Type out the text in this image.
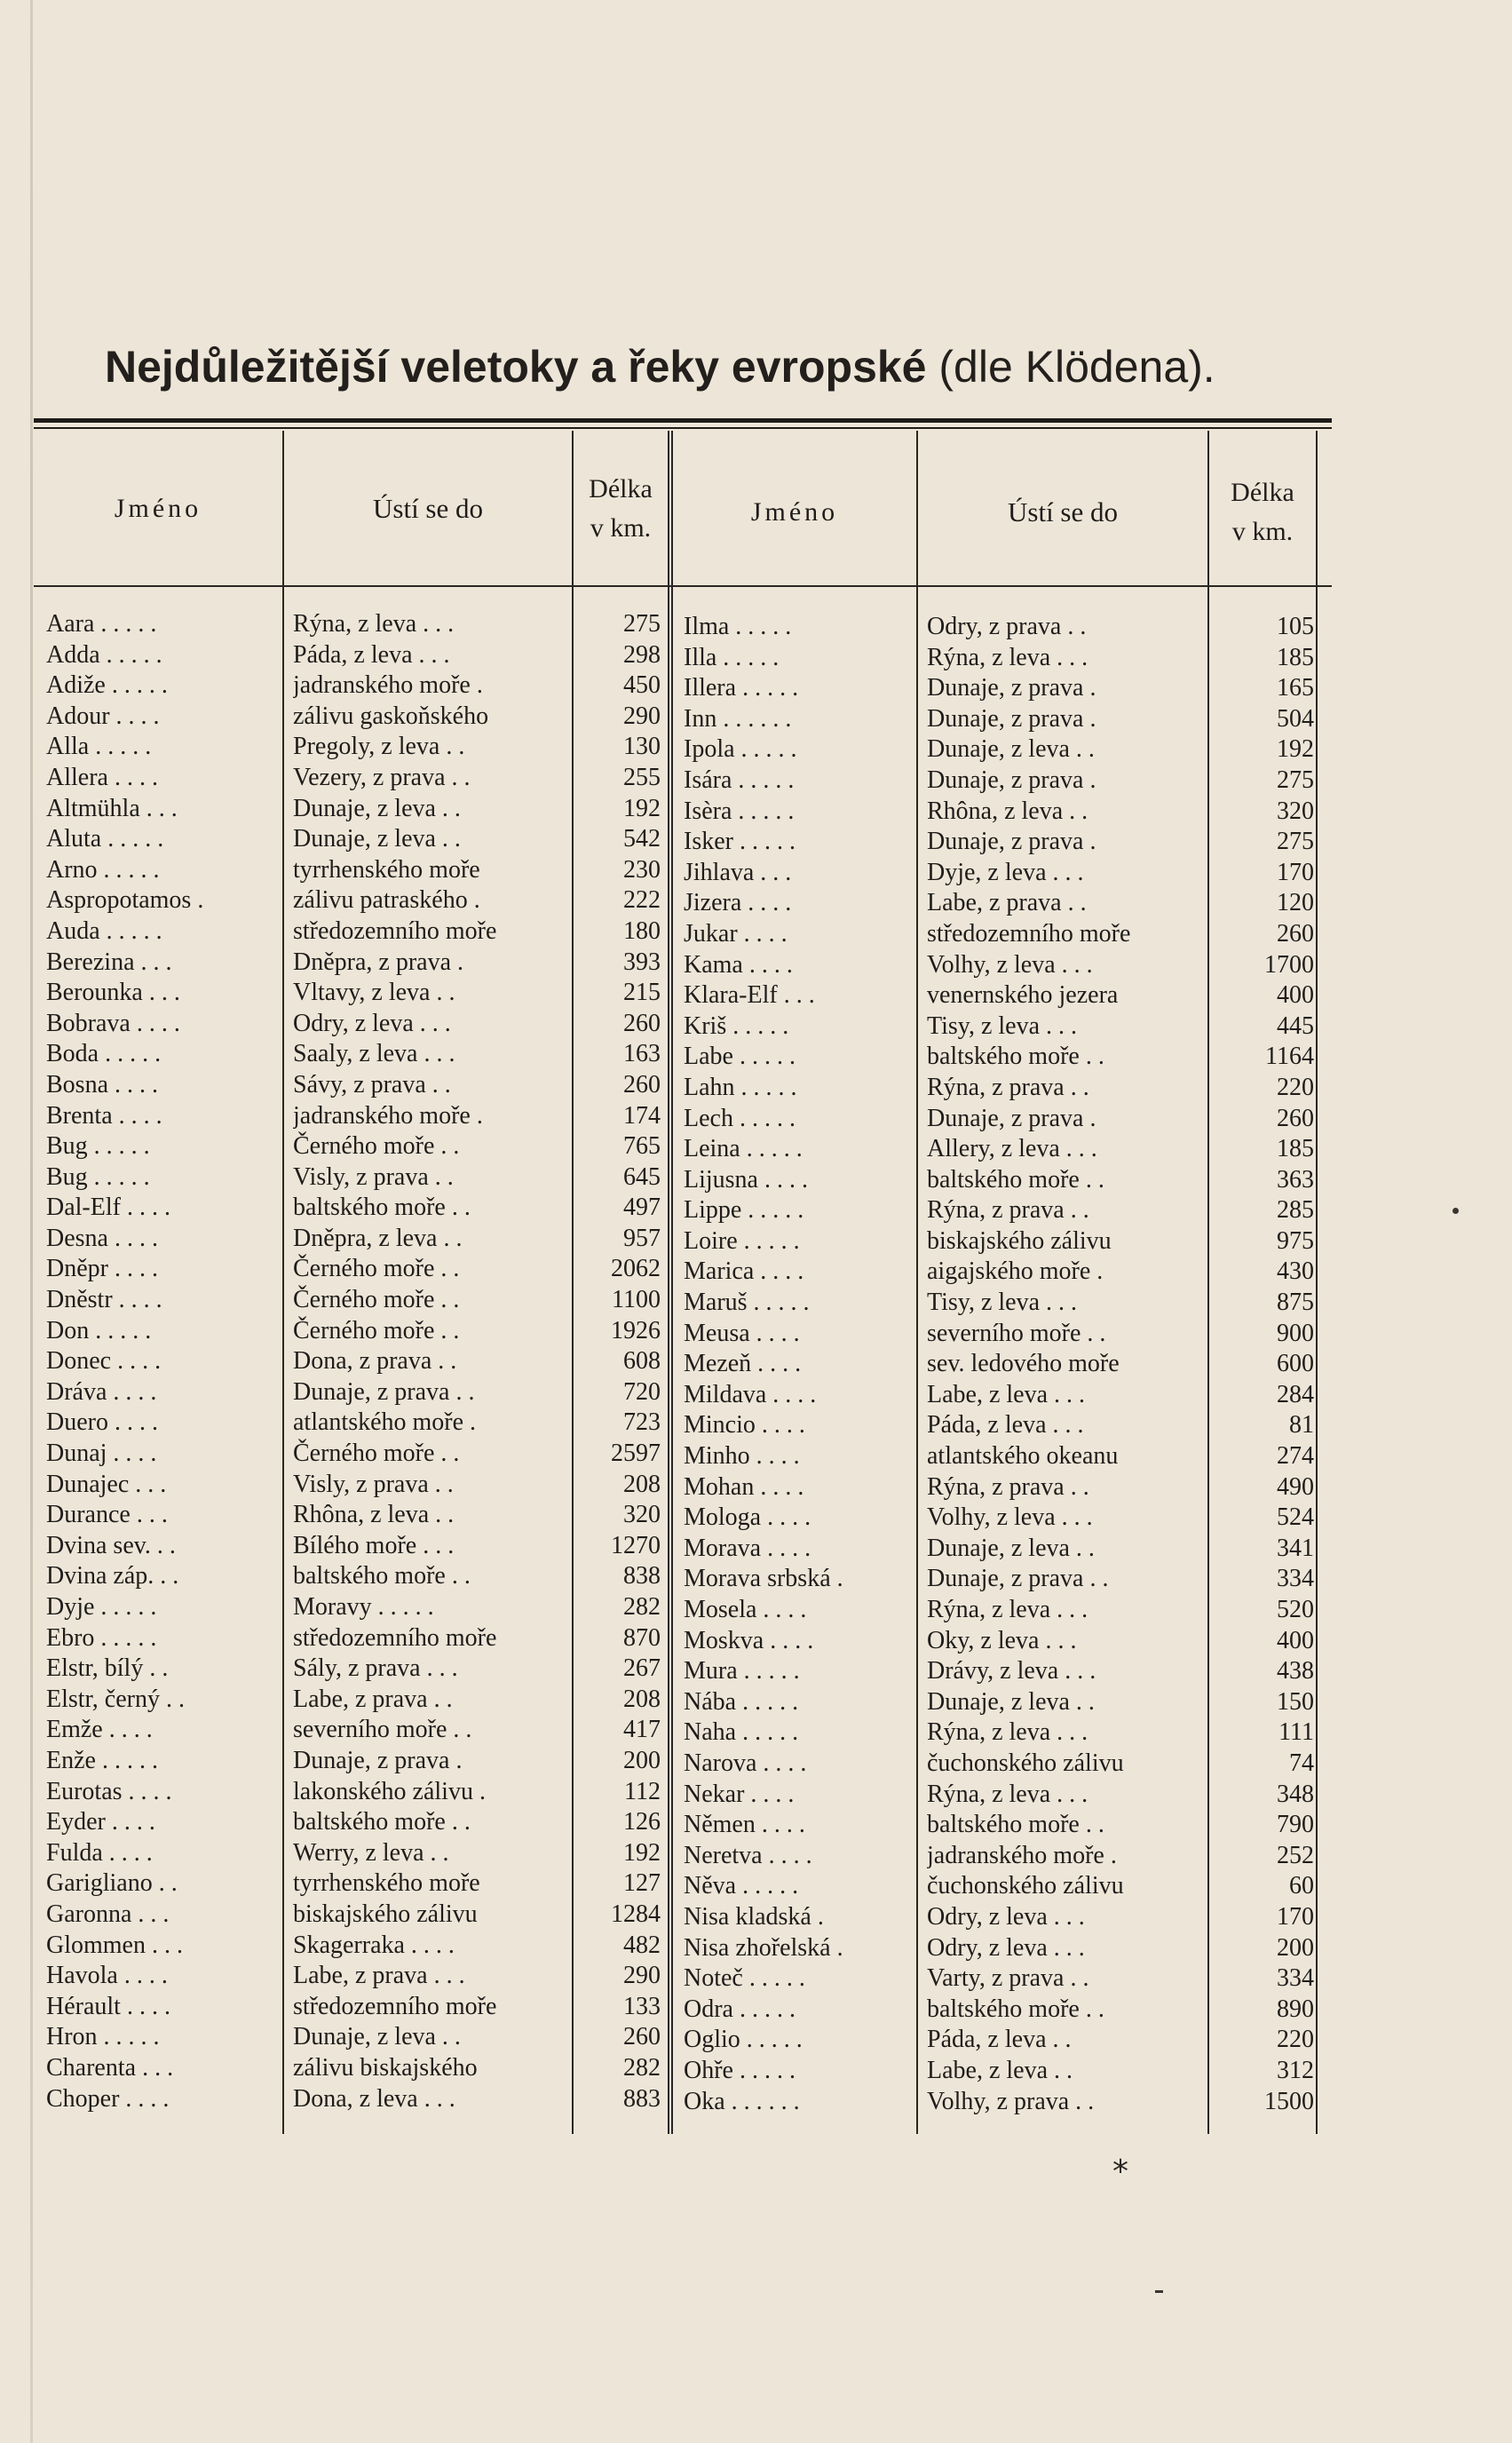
Nejdůležitější veletoky a řeky evropské (dle Klödena).
Jméno	Ústí se do
Délka
v km.
Jméno	Ústí se do
Délka
v km.
Aara . . . . .
Adda . . . . .
Adiže . . . . .
Adour . . . .
Alla . . . . .
Allera . . . .
Altmühla . . .
Aluta . . . . .
Arno . . . . .
Aspropotamos .
Auda . . . . .
Berezina . . .
Berounka . . .
Bobrava . . . .
Boda . . . . .
Bosna . . . .
Brenta . . . .
Bug . . . . .
Bug . . . . .
Dal-Elf . . . .
Desna . . . .
Dněpr . . . .
Dněstr . . . .
Don . . . . .
Donec . . . .
Dráva . . . .
Duero . . . .
Dunaj . . . .
Dunajec . . .
Durance . . .
Dvina sev. . .
Dvina záp. . .
Dyje . . . . .
Ebro . . . . .
Elstr, bílý . .
Elstr, černý . .
Emže . . . .
Enže . . . . .
Eurotas . . . .
Eyder . . . .
Fulda . . . .
Garigliano . .
Garonna . . .
Glommen . . .
Havola . . . .
Hérault . . . .
Hron . . . . .
Charenta . . .
Choper . . . .
Rýna, z leva . . .
Páda, z leva . . .
jadranského moře .
zálivu gaskoňského
Pregoly, z leva . .
Vezery, z prava . .
Dunaje, z leva . .
Dunaje, z leva . .
tyrrhenského moře
zálivu patraského .
středozemního moře
Dněpra, z prava .
Vltavy, z leva . .
Odry, z leva . . .
Saaly, z leva . . .
Sávy, z prava . .
jadranského moře .
Černého moře . .
Visly, z prava . .
baltského moře . .
Dněpra, z leva . .
Černého moře . .
Černého moře . .
Černého moře . .
Dona, z prava . .
Dunaje, z prava . .
atlantského moře .
Černého moře . .
Visly, z prava . .
Rhôna, z leva . .
Bílého moře . . .
baltského moře . .
Moravy . . . . .
středozemního moře
Sály, z prava . . .
Labe, z prava . .
severního moře . .
Dunaje, z prava .
lakonského zálivu .
baltského moře . .
Werry, z leva . .
tyrrhenského moře
biskajského zálivu
Skagerraka . . . .
Labe, z prava . . .
středozemního moře
Dunaje, z leva . .
zálivu biskajského
Dona, z leva . . .
275
298
450
290
130
255
192
542
230
222
180
393
215
260
163
260
174
765
645
497
957
2062
1100
1926
608
720
723
2597
208
320
1270
838
282
870
267
208
417
200
112
126
192
127
1284
482
290
133
260
282
883
Ilma . . . . .
Illa . . . . .
Illera . . . . .
Inn . . . . . .
Ipola . . . . .
Isára . . . . .
Isèra . . . . .
Isker . . . . .
Jihlava . . .
Jizera . . . .
Jukar . . . .
Kama . . . .
Klara-Elf . . .
Kriš . . . . .
Labe . . . . .
Lahn . . . . .
Lech . . . . .
Leina . . . . .
Lijusna . . . .
Lippe . . . . .
Loire . . . . .
Marica . . . .
Maruš . . . . .
Meusa . . . .
Mezeň . . . .
Mildava . . . .
Mincio . . . .
Minho . . . .
Mohan . . . .
Mologa . . . .
Morava . . . .
Morava srbská .
Mosela . . . .
Moskva . . . .
Mura . . . . .
Nába . . . . .
Naha . . . . .
Narova . . . .
Nekar . . . .
Němen . . . .
Neretva . . . .
Něva . . . . .
Nisa kladská .
Nisa zhořelská .
Noteč . . . . .
Odra . . . . .
Oglio . . . . .
Ohře . . . . .
Oka . . . . . .
Odry, z prava . .
Rýna, z leva . . .
Dunaje, z prava .
Dunaje, z prava .
Dunaje, z leva . .
Dunaje, z prava .
Rhôna, z leva . .
Dunaje, z prava .
Dyje, z leva . . .
Labe, z prava . .
středozemního moře
Volhy, z leva . . .
venernského jezera
Tisy, z leva . . .
baltského moře . .
Rýna, z prava . .
Dunaje, z prava .
Allery, z leva . . .
baltského moře . .
Rýna, z prava . .
biskajského zálivu
aigajského moře .
Tisy, z leva . . .
severního moře . .
sev. ledového moře
Labe, z leva . . .
Páda, z leva . . .
atlantského okeanu
Rýna, z prava . .
Volhy, z leva . . .
Dunaje, z leva . .
Dunaje, z prava . .
Rýna, z leva . . .
Oky, z leva . . .
Drávy, z leva . . .
Dunaje, z leva . .
Rýna, z leva . . .
čuchonského zálivu
Rýna, z leva . . .
baltského moře . .
jadranského moře .
čuchonského zálivu
Odry, z leva . . .
Odry, z leva . . .
Varty, z prava . .
baltského moře . .
Páda, z leva . .
Labe, z leva . .
Volhy, z prava . .
105
185
165
504
192
275
320
275
170
120
260
1700
400
445
1164
220
260
185
363
285
975
430
875
900
600
284
81
274
490
524
341
334
520
400
438
150
111
74
348
790
252
60
170
200
334
890
220
312
1500
*
